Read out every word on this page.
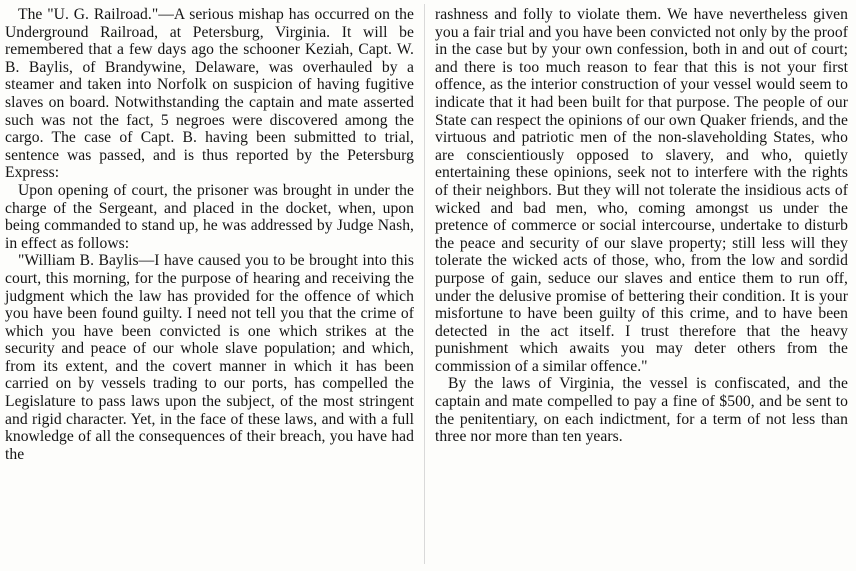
The "U. G. Railroad."—A serious mishap has occurred on the Underground Railroad, at Petersburg, Virginia. It will be remembered that a few days ago the schooner Keziah, Capt. W. B. Baylis, of Brandywine, Delaware, was overhauled by a steamer and taken into Norfolk on suspicion of having fugitive slaves on board. Notwithstanding the captain and mate asserted such was not the fact, 5 negroes were discovered among the cargo. The case of Capt. B. having been submitted to trial, sentence was passed, and is thus reported by the Petersburg Express:

Upon opening of court, the prisoner was brought in under the charge of the Sergeant, and placed in the docket, when, upon being commanded to stand up, he was addressed by Judge Nash, in effect as follows:

"William B. Baylis—I have caused you to be brought into this court, this morning, for the purpose of hearing and receiving the judgment which the law has provided for the offence of which you have been found guilty. I need not tell you that the crime of which you have been convicted is one which strikes at the security and peace of our whole slave population; and which, from its extent, and the covert manner in which it has been carried on by vessels trading to our ports, has compelled the Legislature to pass laws upon the subject, of the most stringent and rigid character. Yet, in the face of these laws, and with a full knowledge of all the consequences of their breach, you have had the

rashness and folly to violate them. We have nevertheless given you a fair trial and you have been convicted not only by the proof in the case but by your own confession, both in and out of court; and there is too much reason to fear that this is not your first offence, as the interior construction of your vessel would seem to indicate that it had been built for that purpose. The people of our State can respect the opinions of our own Quaker friends, and the virtuous and patriotic men of the non-slaveholding States, who are conscientiously opposed to slavery, and who, quietly entertaining these opinions, seek not to interfere with the rights of their neighbors. But they will not tolerate the insidious acts of wicked and bad men, who, coming amongst us under the pretence of commerce or social intercourse, undertake to disturb the peace and security of our slave property; still less will they tolerate the wicked acts of those, who, from the low and sordid purpose of gain, seduce our slaves and entice them to run off, under the delusive promise of bettering their condition. It is your misfortune to have been guilty of this crime, and to have been detected in the act itself. I trust therefore that the heavy punishment which awaits you may deter others from the commission of a similar offence."

By the laws of Virginia, the vessel is confiscated, and the captain and mate compelled to pay a fine of $500, and be sent to the penitentiary, on each indictment, for a term of not less than three nor more than ten years.
